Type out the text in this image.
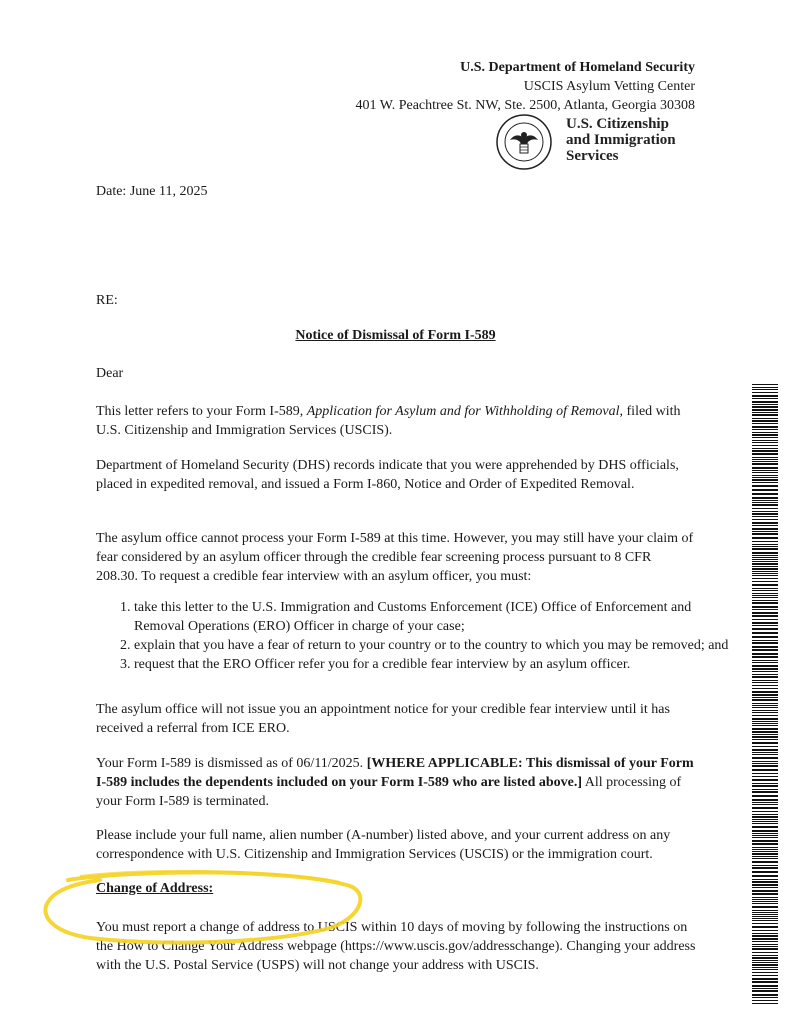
U.S. Department of Homeland Security
USCIS Asylum Vetting Center
401 W. Peachtree St. NW, Ste. 2500, Atlanta, Georgia 30308
U.S. Citizenship
and Immigration
Services
Date: June 11, 2025
RE:
Notice of Dismissal of Form I-589
Dear
This letter refers to your Form I-589, Application for Asylum and for Withholding of Removal, filed with U.S. Citizenship and Immigration Services (USCIS).
Department of Homeland Security (DHS) records indicate that you were apprehended by DHS officials, placed in expedited removal, and issued a Form I-860, Notice and Order of Expedited Removal.
The asylum office cannot process your Form I-589 at this time. However, you may still have your claim of fear considered by an asylum officer through the credible fear screening process pursuant to 8 CFR 208.30. To request a credible fear interview with an asylum officer, you must:
1. take this letter to the U.S. Immigration and Customs Enforcement (ICE) Office of Enforcement and Removal Operations (ERO) Officer in charge of your case;
2. explain that you have a fear of return to your country or to the country to which you may be removed; and
3. request that the ERO Officer refer you for a credible fear interview by an asylum officer.
The asylum office will not issue you an appointment notice for your credible fear interview until it has received a referral from ICE ERO.
Your Form I-589 is dismissed as of 06/11/2025. [WHERE APPLICABLE: This dismissal of your Form I-589 includes the dependents included on your Form I-589 who are listed above.] All processing of your Form I-589 is terminated.
Please include your full name, alien number (A-number) listed above, and your current address on any correspondence with U.S. Citizenship and Immigration Services (USCIS) or the immigration court.
Change of Address:
You must report a change of address to USCIS within 10 days of moving by following the instructions on the How to Change Your Address webpage (https://www.uscis.gov/addresschange). Changing your address with the U.S. Postal Service (USPS) will not change your address with USCIS.
